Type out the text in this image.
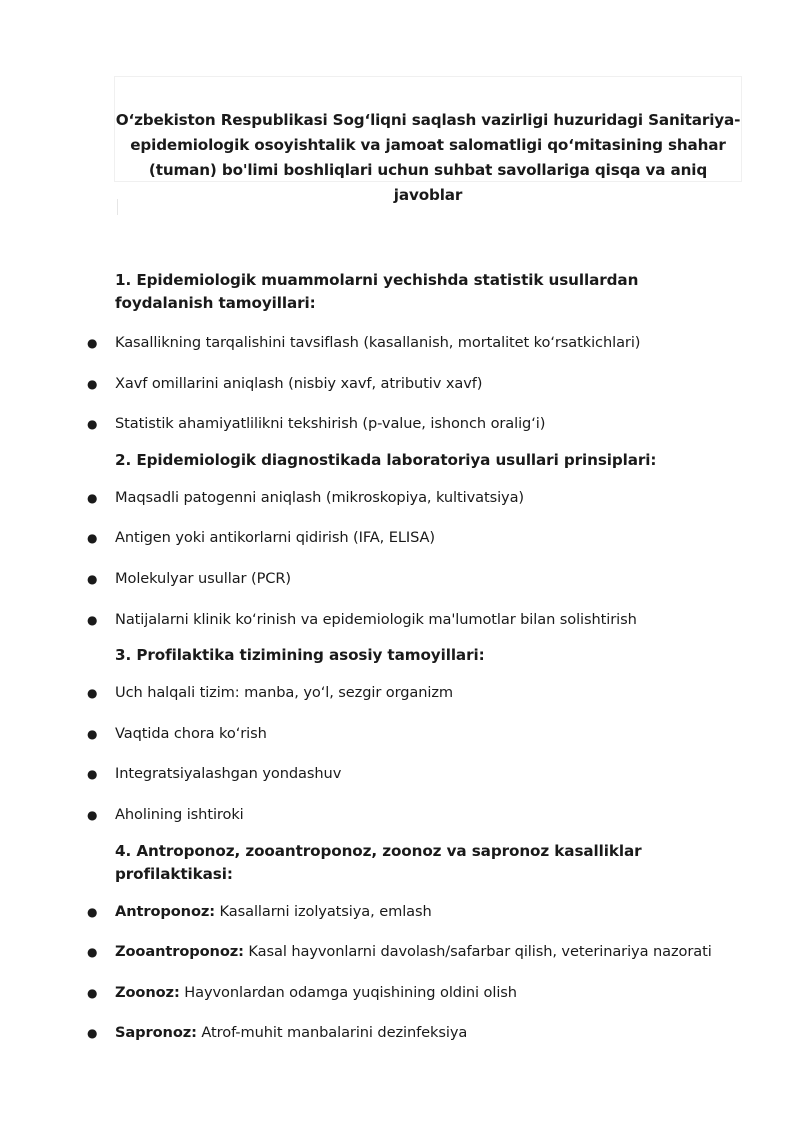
O‘zbekiston Respublikasi Sog‘liqni saqlash vazirligi huzuridagi Sanitariya-epidemiologik osoyishtalik va jamoat salomatligi qo‘mitasining shahar (tuman) bo'limi boshliqlari uchun suhbat savollariga qisqa va aniq javoblar
1. Epidemiologik muammolarni yechishda statistik usullardan foydalanish tamoyillari:
● Kasallikning tarqalishini tavsiflash (kasallanish, mortalitet ko‘rsatkichlari)
● Xavf omillarini aniqlash (nisbiy xavf, atributiv xavf)
● Statistik ahamiyatlilikni tekshirish (p-value, ishonch oralig‘i)
2. Epidemiologik diagnostikada laboratoriya usullari prinsiplari:
● Maqsadli patogenni aniqlash (mikroskopiya, kultivatsiya)
● Antigen yoki antikorlarni qidirish (IFA, ELISA)
● Molekulyar usullar (PCR)
● Natijalarni klinik ko‘rinish va epidemiologik ma'lumotlar bilan solishtirish
3. Profilaktika tizimining asosiy tamoyillari:
● Uch halqali tizim: manba, yo‘l, sezgir organizm
● Vaqtida chora ko‘rish
● Integratsiyalashgan yondashuv
● Aholining ishtiroki
4. Antroponoz, zooantroponoz, zoonoz va sapronoz kasalliklar profilaktikasi:
● Antroponoz: Kasallarni izolyatsiya, emlash
● Zooantroponoz: Kasal hayvonlarni davolash/safarbar qilish, veterinariya nazorati
● Zoonoz: Hayvonlardan odamga yuqishining oldini olish
● Sapronoz: Atrof-muhit manbalarini dezinfeksiya
